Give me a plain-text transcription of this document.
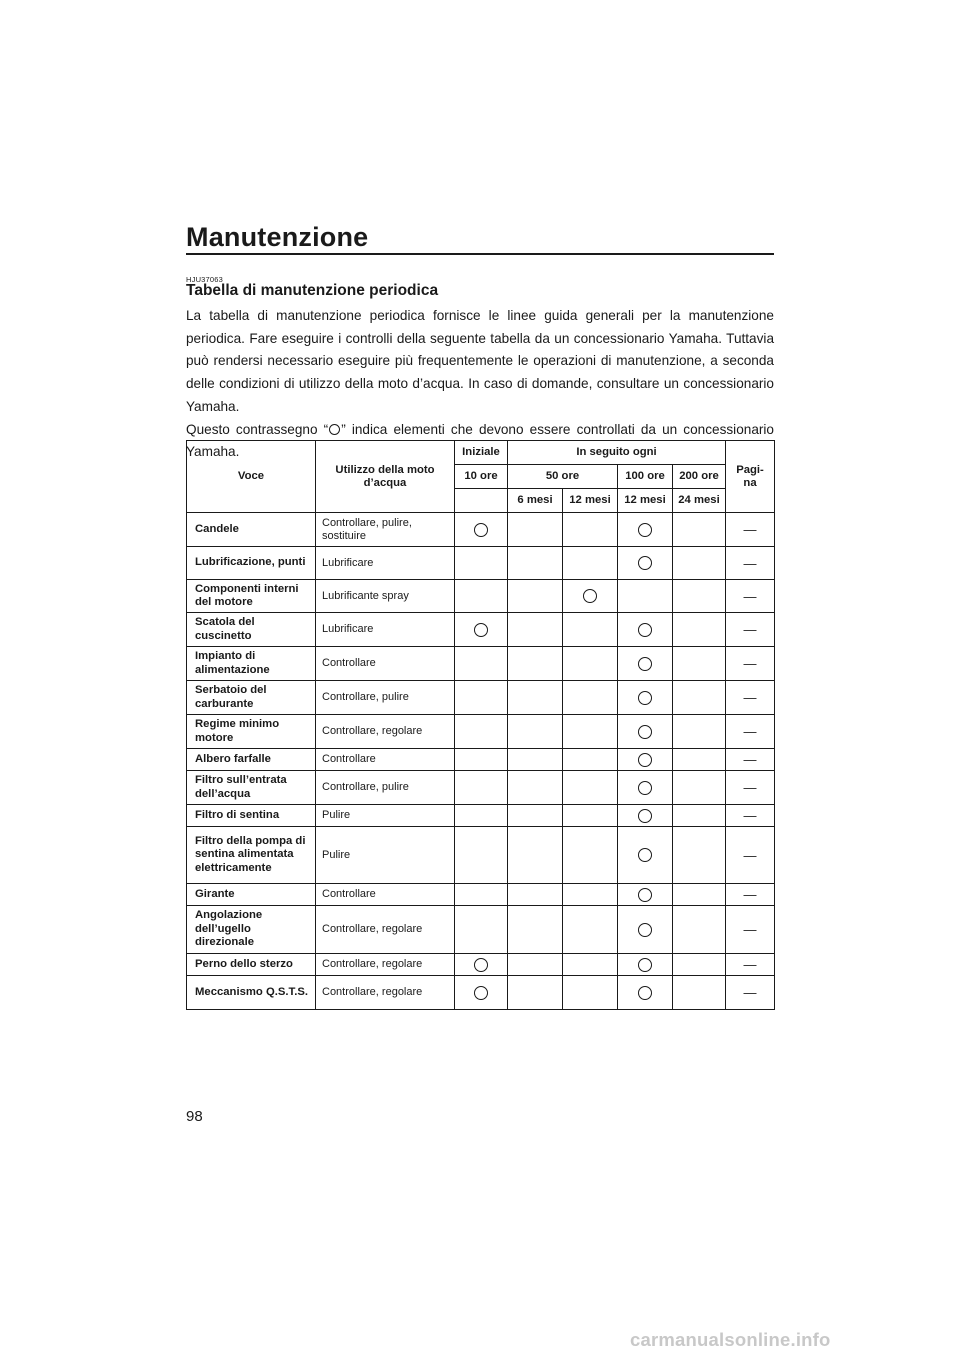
Manutenzione
HJU37063
Tabella di manutenzione periodica

La tabella di manutenzione periodica fornisce le linee guida generali per la manutenzione periodica. Fare eseguire i controlli della seguente tabella da un concessionario Yamaha. Tuttavia può rendersi necessario eseguire più frequentemente le operazioni di manutenzione, a seconda delle condizioni di utilizzo della moto d’acqua. In caso di domande, consultare un concessionario Yamaha.

Questo contrassegno “○” indica elementi che devono essere controllati da un concessionario Yamaha.

Voce	Utilizzo della moto d’acqua	Iniziale	In seguito ogni				Pagi-na
		10 ore	50 ore		100 ore	200 ore	
			6 mesi	12 mesi	12 mesi	24 mesi	
Candele	Controllare, pulire, sostituire						—
Lubrificazione, punti	Lubrificare						—
Componenti interni del motore	Lubrificante spray						—
Scatola del cuscinetto	Lubrificare						—
Impianto di alimentazione	Controllare						—
Serbatoio del carburante	Controllare, pulire						—
Regime minimo motore	Controllare, regolare						—
Albero farfalle	Controllare						—
Filtro sull’entrata dell’acqua	Controllare, pulire						—
Filtro di sentina	Pulire						—
Filtro della pompa di sentina alimentata elettricamente	Pulire						—
Girante	Controllare						—
Angolazione dell’ugello direzionale	Controllare, regolare						—
Perno dello sterzo	Controllare, regolare						—
Meccanismo Q.S.T.S.	Controllare, regolare						—
98
carmanualsonline.info
